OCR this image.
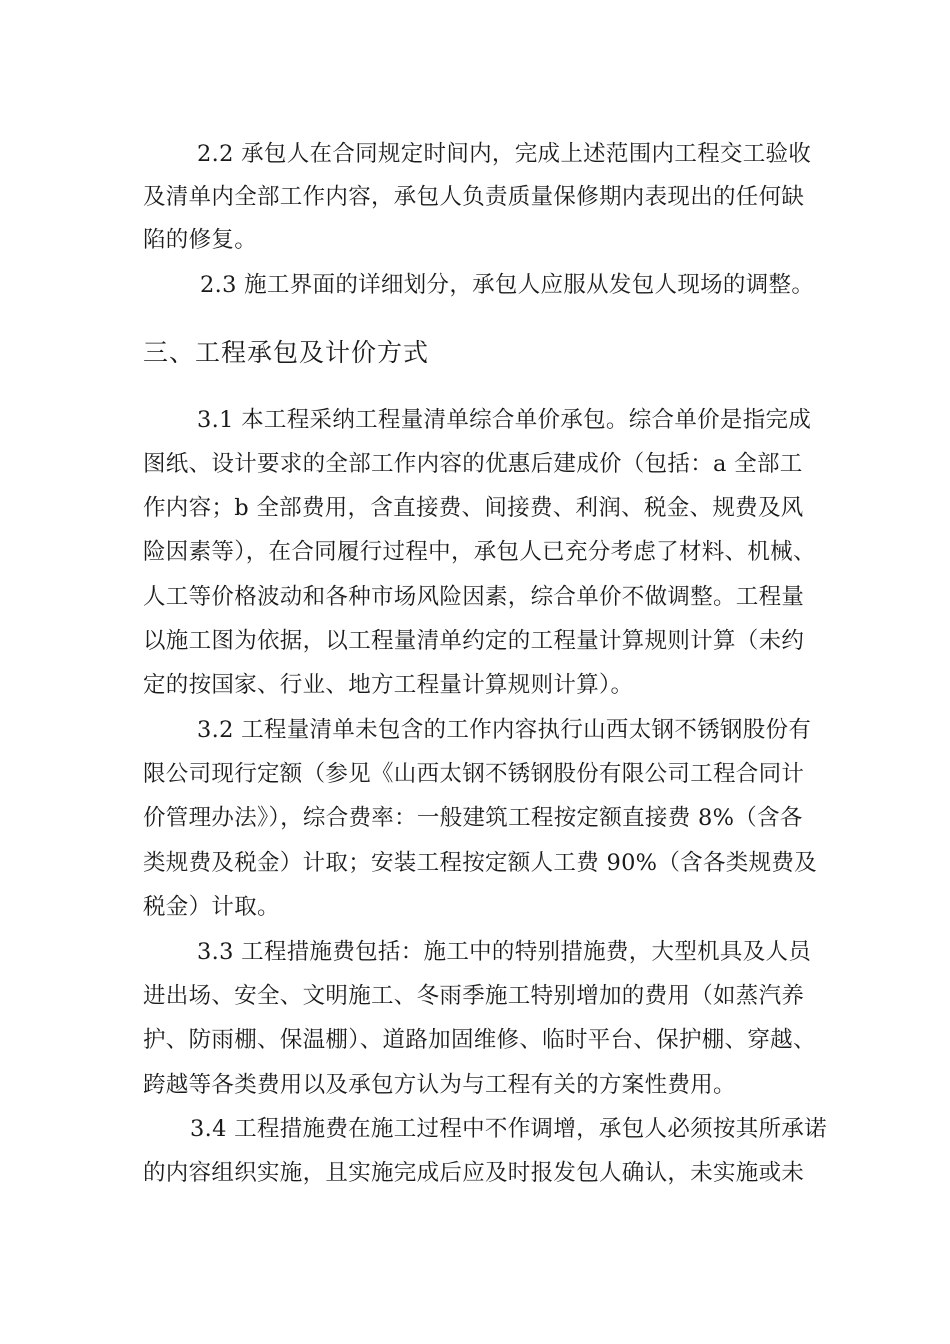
2.2 承包人在合同规定时间内，完成上述范围内工程交工验收
及清单内全部工作内容，承包人负责质量保修期内表现出的任何缺
陷的修复。
2.3 施工界面的详细划分，承包人应服从发包人现场的调整。
三、工程承包及计价方式
3.1 本工程采纳工程量清单综合单价承包。综合单价是指完成
图纸、设计要求的全部工作内容的优惠后建成价（包括：a 全部工
作内容；b 全部费用，含直接费、间接费、利润、税金、规费及风
险因素等），在合同履行过程中，承包人已充分考虑了材料、机械、
人工等价格波动和各种市场风险因素，综合单价不做调整。工程量
以施工图为依据，以工程量清单约定的工程量计算规则计算（未约
定的按国家、行业、地方工程量计算规则计算）。
3.2 工程量清单未包含的工作内容执行山西太钢不锈钢股份有
限公司现行定额（参见《山西太钢不锈钢股份有限公司工程合同计
价管理办法》），综合费率：一般建筑工程按定额直接费 8%（含各
类规费及税金）计取；安装工程按定额人工费 90%（含各类规费及
税金）计取。
3.3 工程措施费包括：施工中的特别措施费，大型机具及人员
进出场、安全、文明施工、冬雨季施工特别增加的费用（如蒸汽养
护、防雨棚、保温棚）、道路加固维修、临时平台、保护棚、穿越、
跨越等各类费用以及承包方认为与工程有关的方案性费用。
3.4 工程措施费在施工过程中不作调增，承包人必须按其所承诺
的内容组织实施，且实施完成后应及时报发包人确认，未实施或未
